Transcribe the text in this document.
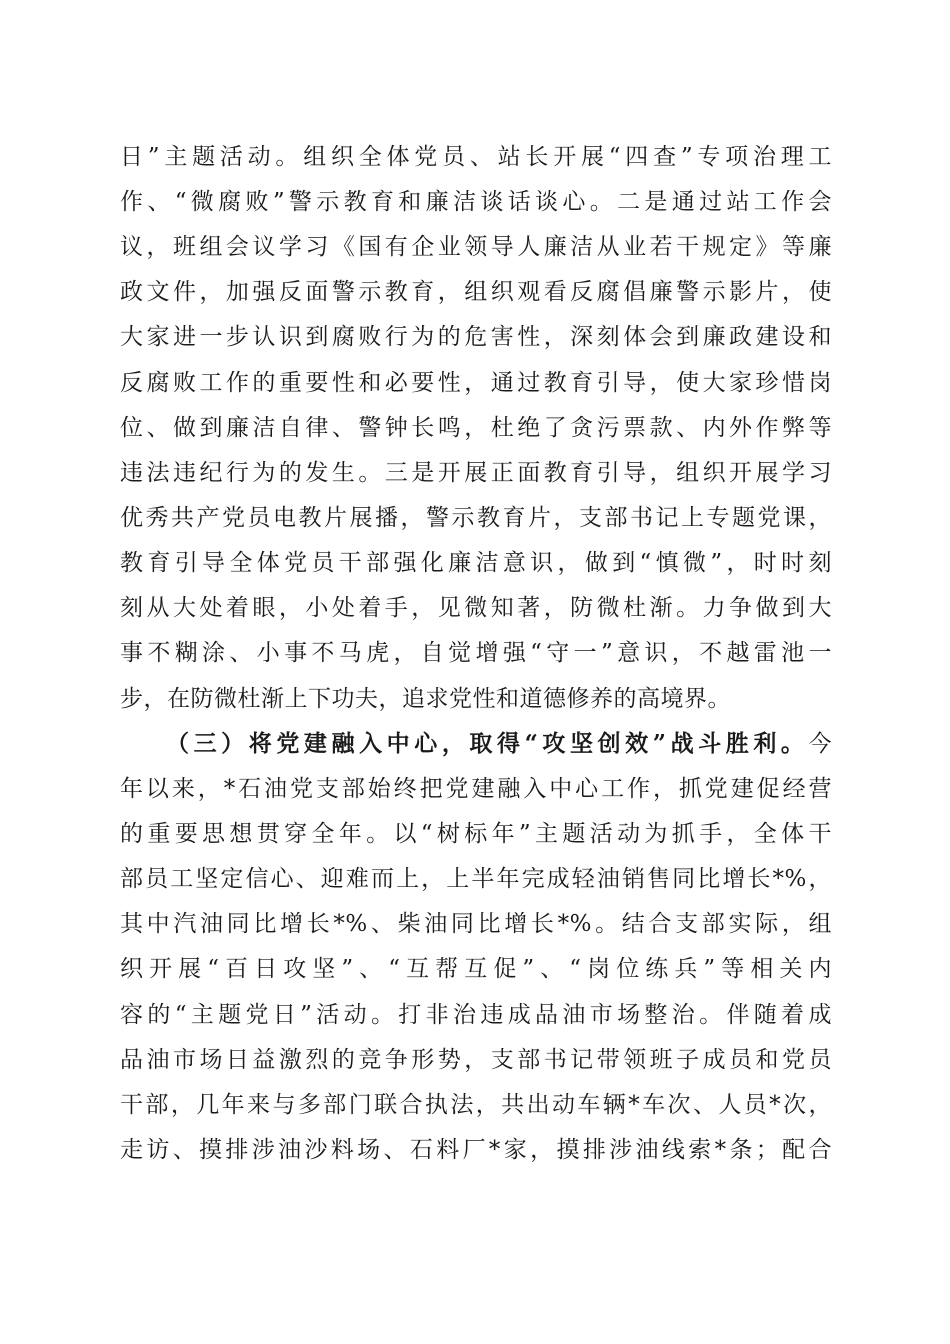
日”主题活动。组织全体党员、站长开展“四查”专项治理工
作、“微腐败”警示教育和廉洁谈话谈心。二是通过站工作会
议，班组会议学习《国有企业领导人廉洁从业若干规定》等廉
政文件，加强反面警示教育，组织观看反腐倡廉警示影片，使
大家进一步认识到腐败行为的危害性，深刻体会到廉政建设和
反腐败工作的重要性和必要性，通过教育引导，使大家珍惜岗
位、做到廉洁自律、警钟长鸣，杜绝了贪污票款、内外作弊等
违法违纪行为的发生。三是开展正面教育引导，组织开展学习
优秀共产党员电教片展播，警示教育片，支部书记上专题党课，
教育引导全体党员干部强化廉洁意识，做到“慎微”，时时刻
刻从大处着眼，小处着手，见微知著，防微杜渐。力争做到大
事不糊涂、小事不马虎，自觉增强“守一”意识，不越雷池一
步，在防微杜渐上下功夫，追求党性和道德修养的高境界。
（三）将党建融入中心，取得“攻坚创效”战斗胜利。今
年以来，*石油党支部始终把党建融入中心工作，抓党建促经营
的重要思想贯穿全年。以“树标年”主题活动为抓手，全体干
部员工坚定信心、迎难而上，上半年完成轻油销售同比增长*%，
其中汽油同比增长*%、柴油同比增长*%。结合支部实际，组
织开展“百日攻坚”、“互帮互促”、“岗位练兵”等相关内
容的“主题党日”活动。打非治违成品油市场整治。伴随着成
品油市场日益激烈的竞争形势，支部书记带领班子成员和党员
干部，几年来与多部门联合执法，共出动车辆*车次、人员*次，
走访、摸排涉油沙料场、石料厂*家，摸排涉油线索*条；配合
